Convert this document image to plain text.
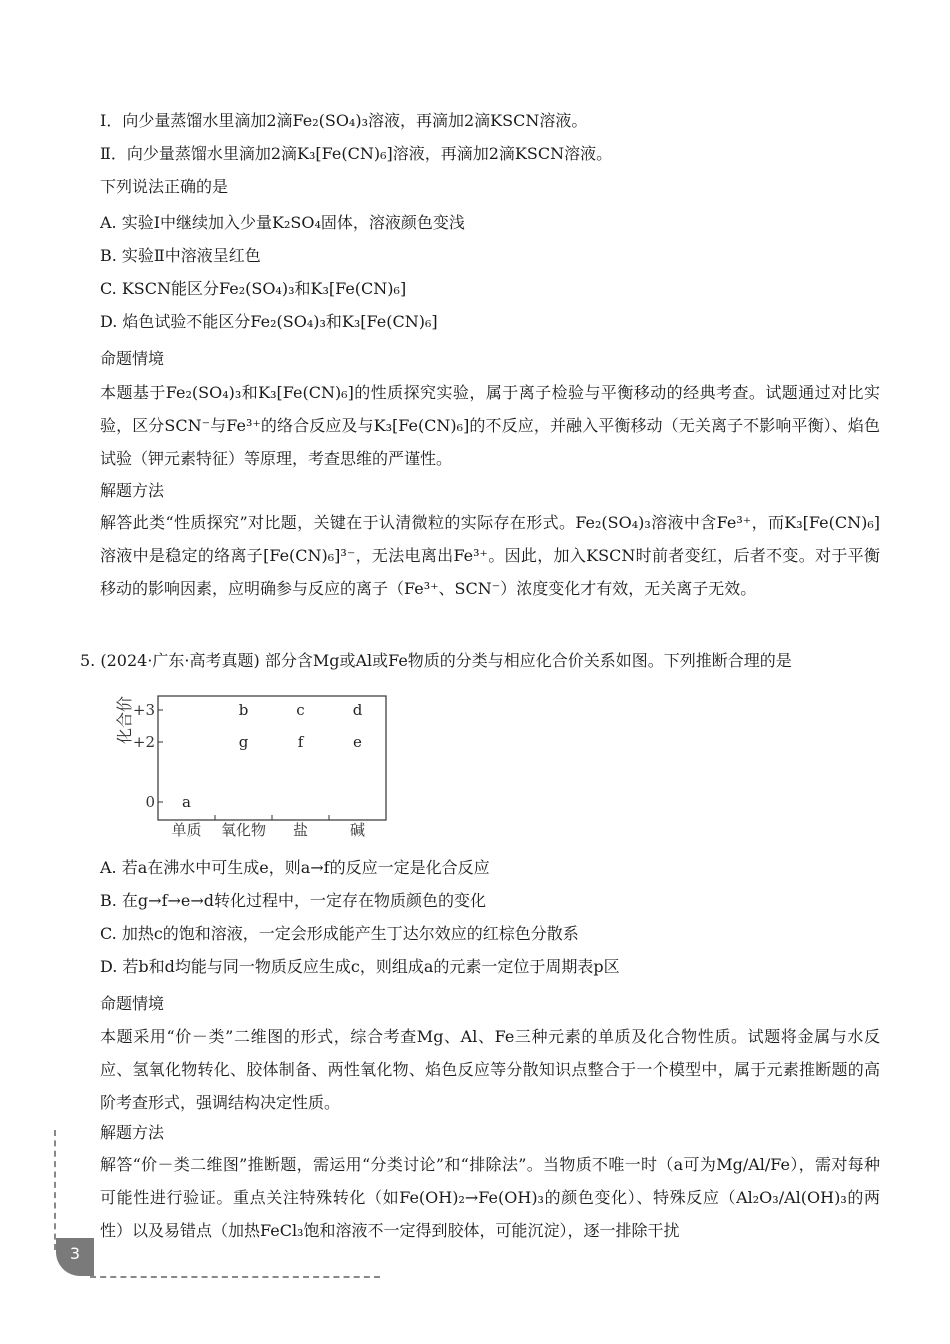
Ⅰ．向少量蒸馏水里滴加2滴Fe₂(SO₄)₃溶液，再滴加2滴KSCN溶液。
Ⅱ．向少量蒸馏水里滴加2滴K₃[Fe(CN)₆]溶液，再滴加2滴KSCN溶液。
下列说法正确的是
A. 实验Ⅰ中继续加入少量K₂SO₄固体，溶液颜色变浅
B. 实验Ⅱ中溶液呈红色
C. KSCN能区分Fe₂(SO₄)₃和K₃[Fe(CN)₆]
D. 焰色试验不能区分Fe₂(SO₄)₃和K₃[Fe(CN)₆]
命题情境
本题基于Fe₂(SO₄)₃和K₃[Fe(CN)₆]的性质探究实验，属于离子检验与平衡移动的经典考查。试题通过对比实验，区分SCN⁻与Fe³⁺的络合反应及与K₃[Fe(CN)₆]的不反应，并融入平衡移动（无关离子不影响平衡）、焰色试验（钾元素特征）等原理，考查思维的严谨性。
解题方法
解答此类“性质探究”对比题，关键在于认清微粒的实际存在形式。Fe₂(SO₄)₃溶液中含Fe³⁺，而K₃[Fe(CN)₆]溶液中是稳定的络离子[Fe(CN)₆]³⁻，无法电离出Fe³⁺。因此，加入KSCN时前者变红，后者不变。对于平衡移动的影响因素，应明确参与反应的离子（Fe³⁺、SCN⁻）浓度变化才有效，无关离子无效。
5. (2024·广东·高考真题) 部分含Mg或Al或Fe物质的分类与相应化合价关系如图。下列推断合理的是
化合价
+3
+2
0
单质 氧化物 盐	碱
a
b	c	d
g	f	e
A. 若a在沸水中可生成e，则a→f的反应一定是化合反应
B. 在g→f→e→d转化过程中，一定存在物质颜色的变化
C. 加热c的饱和溶液，一定会形成能产生丁达尔效应的红棕色分散系
D. 若b和d均能与同一物质反应生成c，则组成a的元素一定位于周期表p区
命题情境
本题采用“价－类”二维图的形式，综合考查Mg、Al、Fe三种元素的单质及化合物性质。试题将金属与水反应、氢氧化物转化、胶体制备、两性氧化物、焰色反应等分散知识点整合于一个模型中，属于元素推断题的高阶考查形式，强调结构决定性质。
解题方法
解答“价－类二维图”推断题，需运用“分类讨论”和“排除法”。当物质不唯一时（a可为Mg/Al/Fe），需对每种可能性进行验证。重点关注特殊转化（如Fe(OH)₂→Fe(OH)₃的颜色变化）、特殊反应（Al₂O₃/Al(OH)₃的两性）以及易错点（加热FeCl₃饱和溶液不一定得到胶体，可能沉淀），逐一排除干扰
3
